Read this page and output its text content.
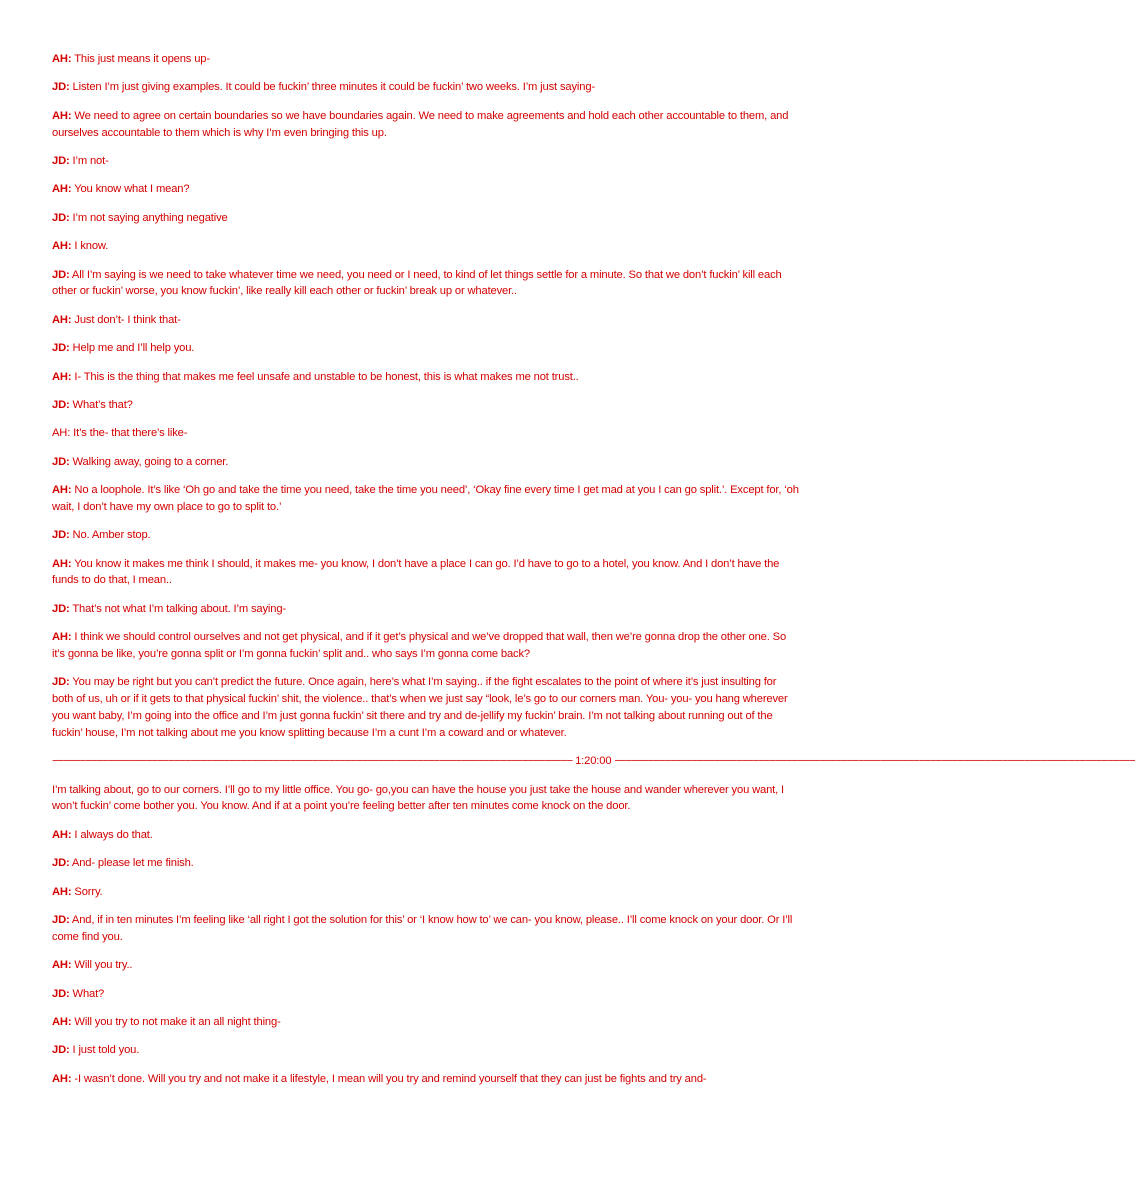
AH: This just means it opens up-

JD: Listen I’m just giving examples. It could be fuckin’ three minutes it could be fuckin’ two weeks. I’m just saying-

AH: We need to agree on certain boundaries so we have boundaries again. We need to make agreements and hold each other accountable to them, and ourselves accountable to them which is why I’m even bringing this up.

JD: I’m not-

AH: You know what I mean?

JD: I’m not saying anything negative

AH: I know.

JD: All I’m saying is we need to take whatever time we need, you need or I need, to kind of let things settle for a minute. So that we don’t fuckin’ kill each other or fuckin’ worse, you know fuckin’, like really kill each other or fuckin’ break up or whatever..

AH: Just don’t- I think that-

JD: Help me and I’ll help you.

AH: I- This is the thing that makes me feel unsafe and unstable to be honest, this is what makes me not trust..

JD: What’s that?

AH: It’s the- that there’s like-

JD: Walking away, going to a corner.

AH: No a loophole. It’s like ‘Oh go and take the time you need, take the time you need’, ‘Okay fine every time I get mad at you I can go split.’. Except for, ‘oh wait, I don’t have my own place to go to split to.’

JD: No. Amber stop.

AH: You know it makes me think I should, it makes me- you know, I don’t have a place I can go. I’d have to go to a hotel, you know. And I don’t have the funds to do that, I mean..

JD: That’s not what I’m talking about. I’m saying-

AH: I think we should control ourselves and not get physical, and if it get’s physical and we’ve dropped that wall, then we’re gonna drop the other one. So it’s gonna be like, you’re gonna split or I’m gonna fuckin’ split and.. who says I’m gonna come back?

JD: You may be right but you can’t predict the future. Once again, here’s what I’m saying.. if the fight escalates to the point of where it’s just insulting for both of us, uh or if it gets to that physical fuckin’ shit, the violence.. that’s when we just say “look, le’s go to our corners man. You- you- you hang wherever you want baby, I’m going into the office and I’m just gonna fuckin’ sit there and try and de-jellify my fuckin’ brain. I’m not talking about running out of the fuckin’ house, I’m not talking about me you know splitting because I’m a cunt I’m a coward and or whatever.

−−−−−−−−−−−−−−−−−−−−−−−−−−−−−−−−−−−−−−−−−−−−−−−−−−−−−−−−−−−−−−−−−−−−−−−−−−−−−−−−−−−−−−−−−−−−−− 1:20:00 −−−−−−−−−−−−−−−−−−−−−−−−−−−−−−−−−−−−−−−−−−−−−−−−−−−−−−−−−−−−−−−−−−−−−−−−−−−−−−−−−−−−−−−−−−−−−−

I’m talking about, go to our corners. I’ll go to my little office. You go- go,you can have the house you just take the house and wander wherever you want, I won’t fuckin’ come bother you. You know. And if at a point you’re feeling better after ten minutes come knock on the door.

AH: I always do that.

JD: And- please let me finish.

AH: Sorry.

JD: And, if in ten minutes I’m feeling like ‘all right I got the solution for this’ or ‘I know how to’ we can- you know, please.. I’ll come knock on your door. Or I’ll come find you.

AH: Will you try..

JD: What?

AH: Will you try to not make it an all night thing-

JD: I just told you.

AH: -I wasn’t done. Will you try and not make it a lifestyle, I mean will you try and remind yourself that they can just be fights and try and-
